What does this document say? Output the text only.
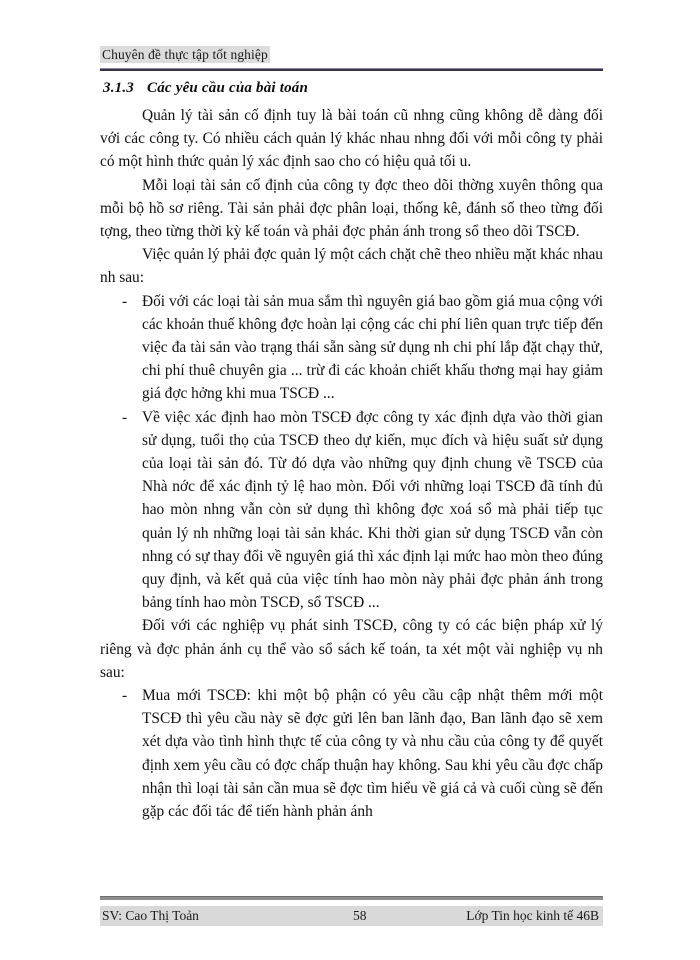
Chuyên đề thực tập tốt nghiệp
3.1.3 Các yêu cầu của bài toán

Quản lý tài sản cố định tuy là bài toán cũ nhng cũng không dễ dàng đối với các công ty. Có nhiều cách quản lý khác nhau nhng đối với mỗi công ty phải có một hình thức quản lý xác định sao cho có hiệu quả tối u.

Mỗi loại tài sản cố định của công ty đợc theo dõi thờng xuyên thông qua mỗi bộ hồ sơ riêng. Tài sản phải đợc phân loại, thống kê, đánh số theo từng đối tợng, theo từng thời kỳ kế toán và phải đợc phản ánh trong sổ theo dõi TSCĐ.

Việc quản lý phải đợc quản lý một cách chặt chẽ theo nhiều mặt khác nhau nh sau:

- Đối với các loại tài sản mua sắm thì nguyên giá bao gồm giá mua cộng với các khoản thuế không đợc hoàn lại cộng các chi phí liên quan trực tiếp đến việc đa tài sản vào trạng thái sẵn sàng sử dụng nh chi phí lắp đặt chạy thử, chi phí thuê chuyên gia ... trừ đi các khoản chiết khấu thơng mại hay giảm giá đợc hởng khi mua TSCĐ ...
- Về việc xác định hao mòn TSCĐ đợc công ty xác định dựa vào thời gian sử dụng, tuổi thọ của TSCĐ theo dự kiến, mục đích và hiệu suất sử dụng của loại tài sản đó. Từ đó dựa vào những quy định chung về TSCĐ của Nhà nớc để xác định tỷ lệ hao mòn. Đối với những loại TSCĐ đã tính đủ hao mòn nhng vẫn còn sử dụng thì không đợc xoá sổ mà phải tiếp tục quản lý nh những loại tài sản khác. Khi thời gian sử dụng TSCĐ vẫn còn nhng có sự thay đổi về nguyên giá thì xác định lại mức hao mòn theo đúng quy định, và kết quả của việc tính hao mòn này phải đợc phản ánh trong bảng tính hao mòn TSCĐ, sổ TSCĐ ...

Đối với các nghiệp vụ phát sinh TSCĐ, công ty có các biện pháp xử lý riêng và đợc phản ánh cụ thể vào sổ sách kế toán, ta xét một vài nghiệp vụ nh sau:

- Mua mới TSCĐ: khi một bộ phận có yêu cầu cập nhật thêm mới một TSCĐ thì yêu cầu này sẽ đợc gửi lên ban lãnh đạo, Ban lãnh đạo sẽ xem xét dựa vào tình hình thực tế của công ty và nhu cầu của công ty để quyết định xem yêu cầu có đợc chấp thuận hay không. Sau khi yêu cầu đợc chấp nhận thì loại tài sản cần mua sẽ đợc tìm hiểu về giá cả và cuối cùng sẽ đến gặp các đối tác để tiến hành phản ánh
SV: Cao Thị Toản	58	Lớp Tin học kinh tế 46B
